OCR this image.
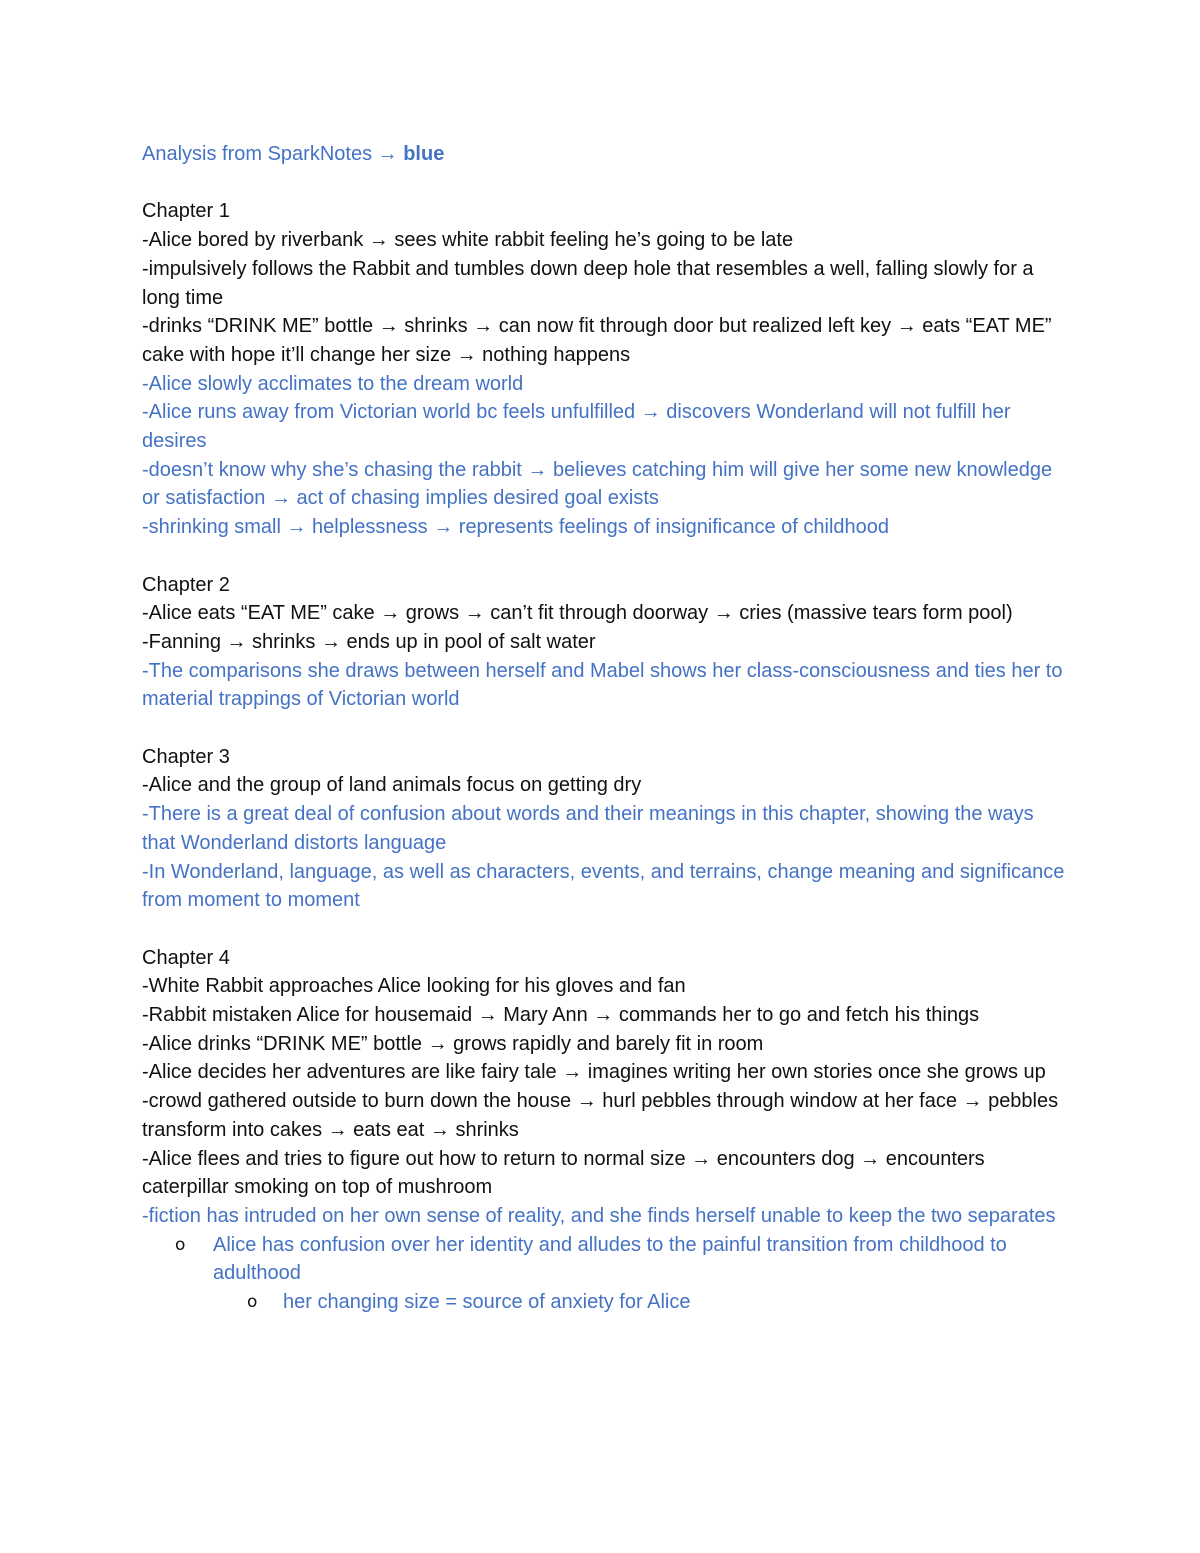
Analysis from SparkNotes → blue

Chapter 1

-Alice bored by riverbank → sees white rabbit feeling he’s going to be late

-impulsively follows the Rabbit and tumbles down deep hole that resembles a well, falling slowly for a long time

-drinks “DRINK ME” bottle → shrinks → can now fit through door but realized left key → eats “EAT ME” cake with hope it’ll change her size → nothing happens

-Alice slowly acclimates to the dream world

-Alice runs away from Victorian world bc feels unfulfilled → discovers Wonderland will not fulfill her desires

-doesn’t know why she’s chasing the rabbit → believes catching him will give her some new knowledge or satisfaction → act of chasing implies desired goal exists

-shrinking small → helplessness → represents feelings of insignificance of childhood

Chapter 2

-Alice eats “EAT ME” cake → grows → can’t fit through doorway → cries (massive tears form pool)

-Fanning → shrinks → ends up in pool of salt water

-The comparisons she draws between herself and Mabel shows her class-consciousness and ties her to material trappings of Victorian world

Chapter 3

-Alice and the group of land animals focus on getting dry

-There is a great deal of confusion about words and their meanings in this chapter, showing the ways that Wonderland distorts language

-In Wonderland, language, as well as characters, events, and terrains, change meaning and significance from moment to moment

Chapter 4

-White Rabbit approaches Alice looking for his gloves and fan

-Rabbit mistaken Alice for housemaid → Mary Ann → commands her to go and fetch his things

-Alice drinks “DRINK ME” bottle → grows rapidly and barely fit in room

-Alice decides her adventures are like fairy tale → imagines writing her own stories once she grows up

-crowd gathered outside to burn down the house → hurl pebbles through window at her face → pebbles transform into cakes → eats eat → shrinks

-Alice flees and tries to figure out how to return to normal size → encounters dog → encounters caterpillar smoking on top of mushroom

-fiction has intruded on her own sense of reality, and she finds herself unable to keep the two separates

o Alice has confusion over her identity and alludes to the painful transition from childhood to adulthood
o her changing size = source of anxiety for Alice
